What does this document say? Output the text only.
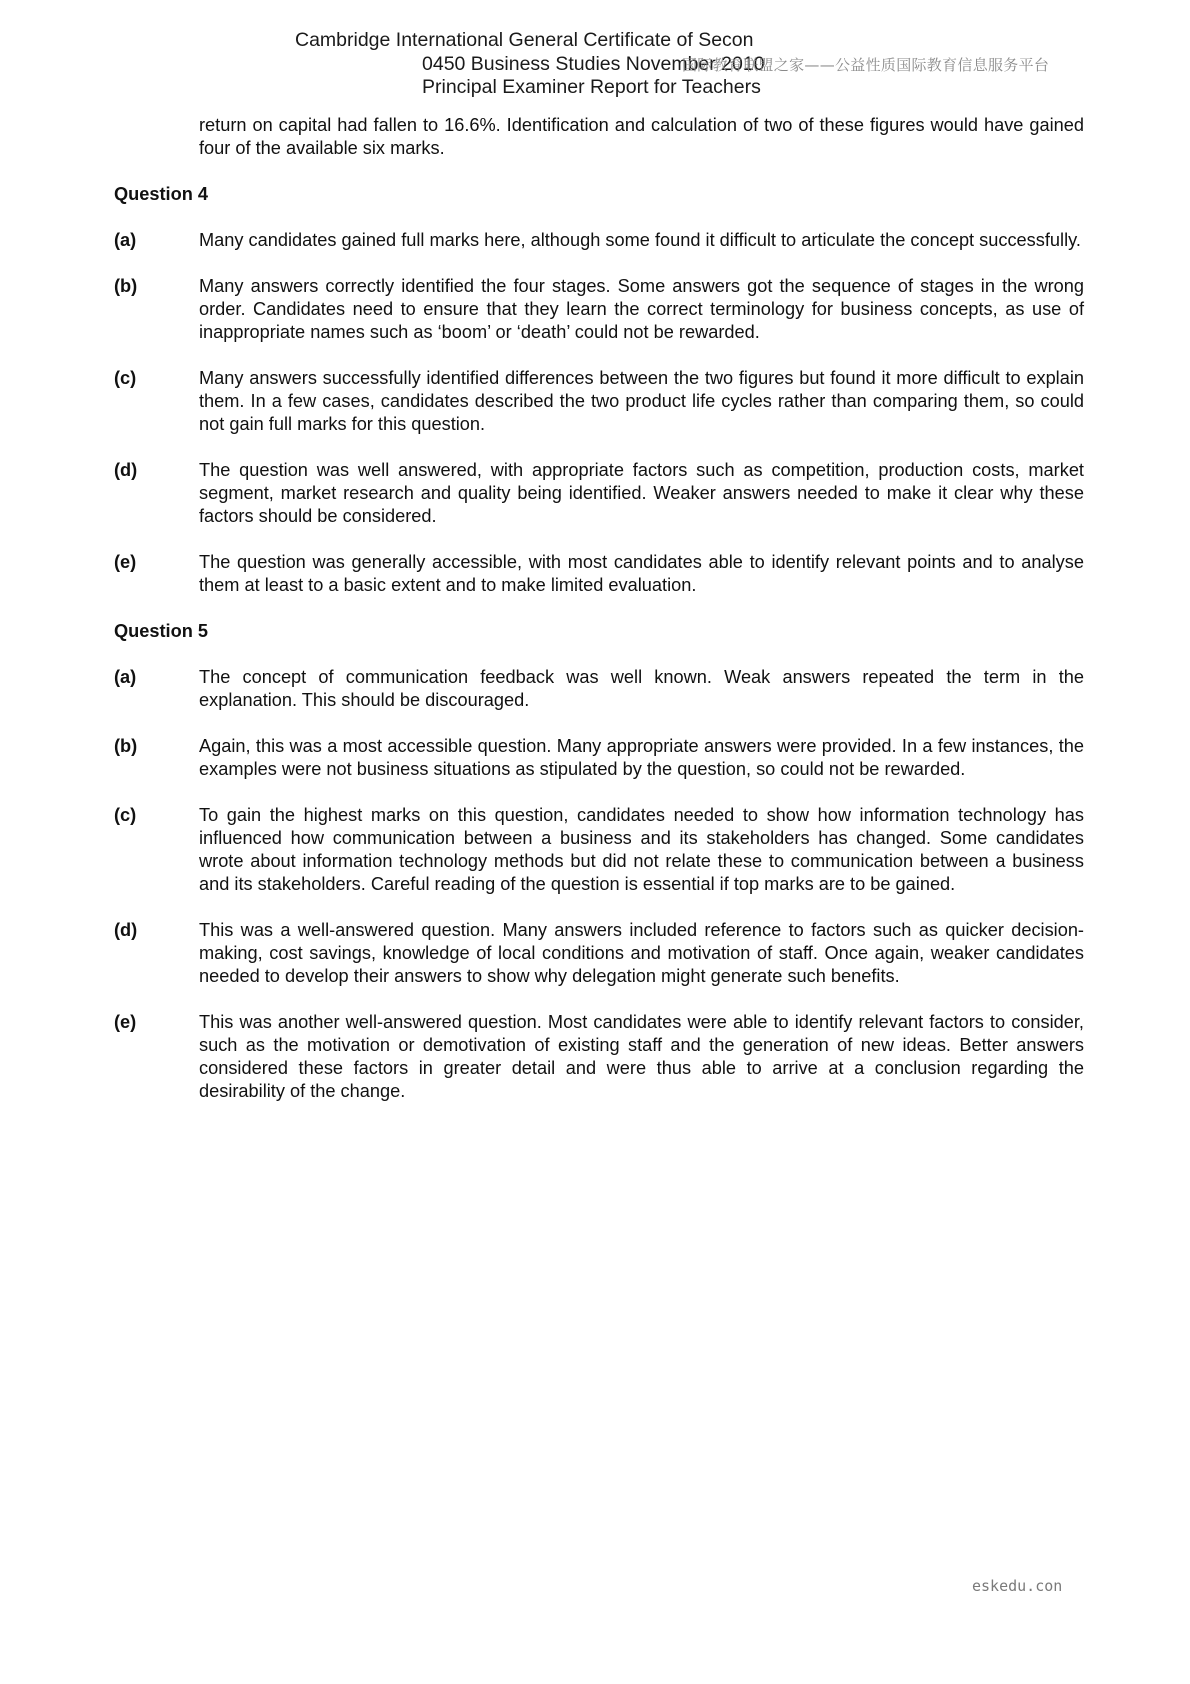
Cambridge International General Certificate of Secon
0450 Business Studies November 2010
Principal Examiner Report for Teachers
国际教育联盟之家——公益性质国际教育信息服务平台
return on capital had fallen to 16.6%. Identification and calculation of two of these figures would have gained four of the available six marks.
Question 4
(a)	Many candidates gained full marks here, although some found it difficult to articulate the concept successfully.
(b)	Many answers correctly identified the four stages. Some answers got the sequence of stages in the wrong order. Candidates need to ensure that they learn the correct terminology for business concepts, as use of inappropriate names such as ‘boom’ or ‘death’ could not be rewarded.
(c)	Many answers successfully identified differences between the two figures but found it more difficult to explain them. In a few cases, candidates described the two product life cycles rather than comparing them, so could not gain full marks for this question.
(d)	The question was well answered, with appropriate factors such as competition, production costs, market segment, market research and quality being identified. Weaker answers needed to make it clear why these factors should be considered.
(e)	The question was generally accessible, with most candidates able to identify relevant points and to analyse them at least to a basic extent and to make limited evaluation.
Question 5
(a)	The concept of communication feedback was well known. Weak answers repeated the term in the explanation. This should be discouraged.
(b)	Again, this was a most accessible question. Many appropriate answers were provided. In a few instances, the examples were not business situations as stipulated by the question, so could not be rewarded.
(c)	To gain the highest marks on this question, candidates needed to show how information technology has influenced how communication between a business and its stakeholders has changed. Some candidates wrote about information technology methods but did not relate these to communication between a business and its stakeholders. Careful reading of the question is essential if top marks are to be gained.
(d)	This was a well-answered question. Many answers included reference to factors such as quicker decision-making, cost savings, knowledge of local conditions and motivation of staff. Once again, weaker candidates needed to develop their answers to show why delegation might generate such benefits.
(e)	This was another well-answered question. Most candidates were able to identify relevant factors to consider, such as the motivation or demotivation of existing staff and the generation of new ideas. Better answers considered these factors in greater detail and were thus able to arrive at a conclusion regarding the desirability of the change.
eskedu.con
